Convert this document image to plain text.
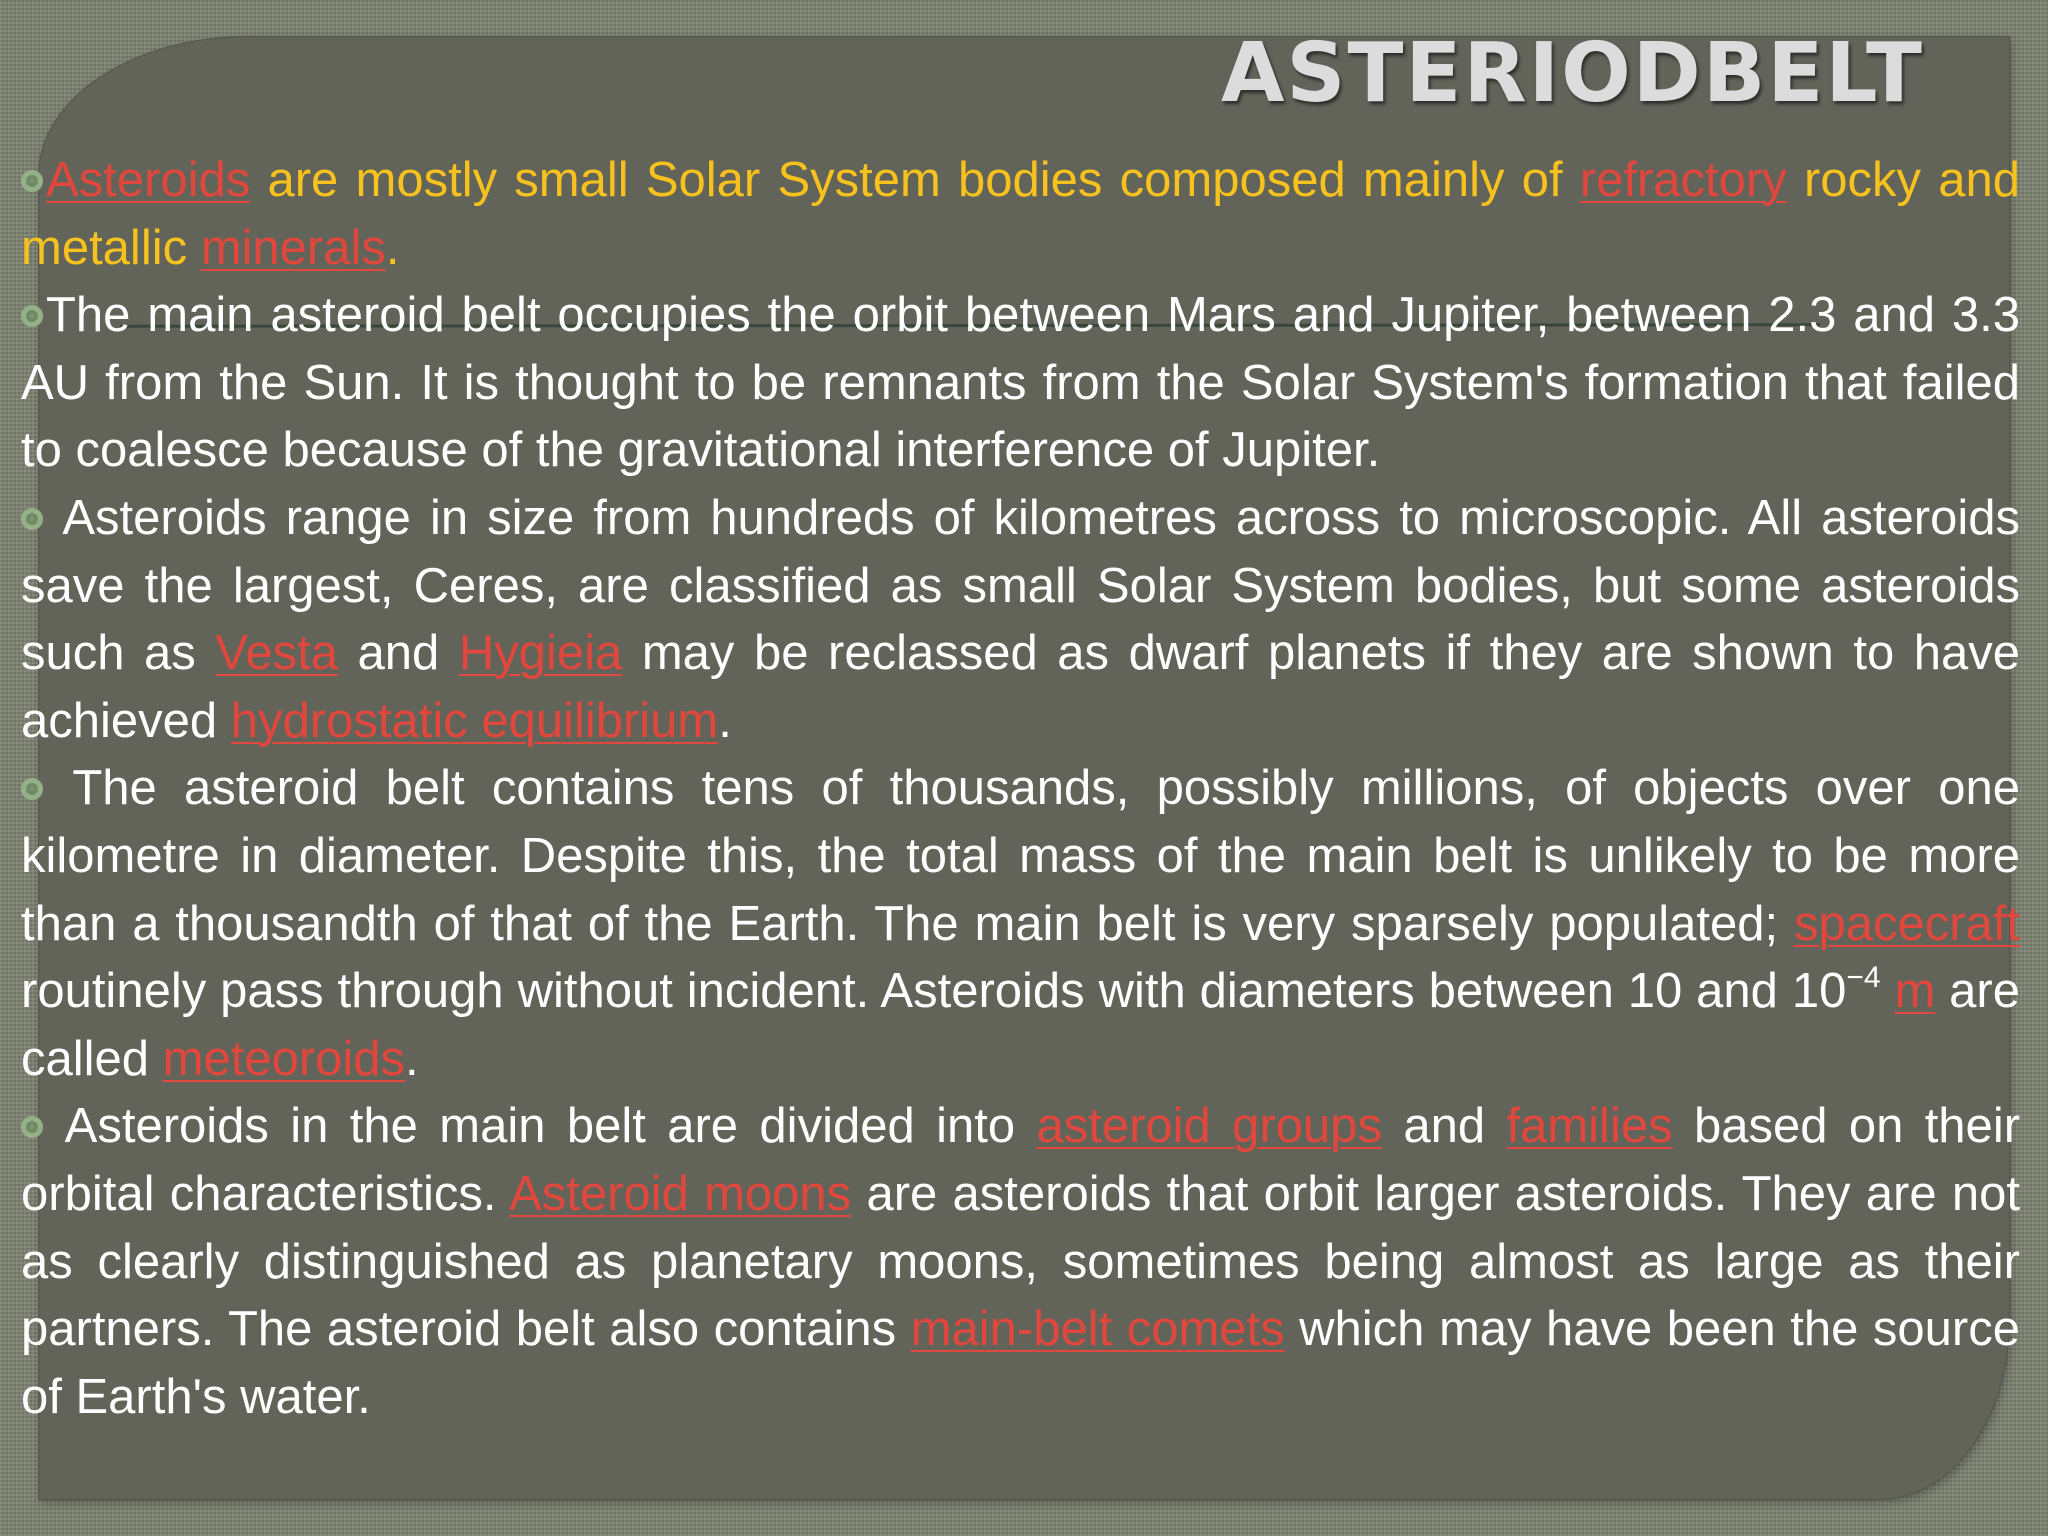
ASTERIODBELT

Asteroids are mostly small Solar System bodies composed mainly of refractory rocky and metallic minerals.

The main asteroid belt occupies the orbit between Mars and Jupiter, between 2.3 and 3.3 AU from the Sun. It is thought to be remnants from the Solar System's formation that failed to coalesce because of the gravitational interference of Jupiter.

Asteroids range in size from hundreds of kilometres across to microscopic. All asteroids save the largest, Ceres, are classified as small Solar System bodies, but some asteroids such as Vesta and Hygieia may be reclassed as dwarf planets if they are shown to have achieved hydrostatic equilibrium.

The asteroid belt contains tens of thousands, possibly millions, of objects over one kilometre in diameter. Despite this, the total mass of the main belt is unlikely to be more than a thousandth of that of the Earth. The main belt is very sparsely populated; spacecraft routinely pass through without incident. Asteroids with diameters between 10 and $10^{-4}$ m are called meteoroids.

Asteroids in the main belt are divided into asteroid groups and families based on their orbital characteristics. Asteroid moons are asteroids that orbit larger asteroids. They are not as clearly distinguished as planetary moons, sometimes being almost as large as their partners. The asteroid belt also contains main-belt comets which may have been the source of Earth's water.
